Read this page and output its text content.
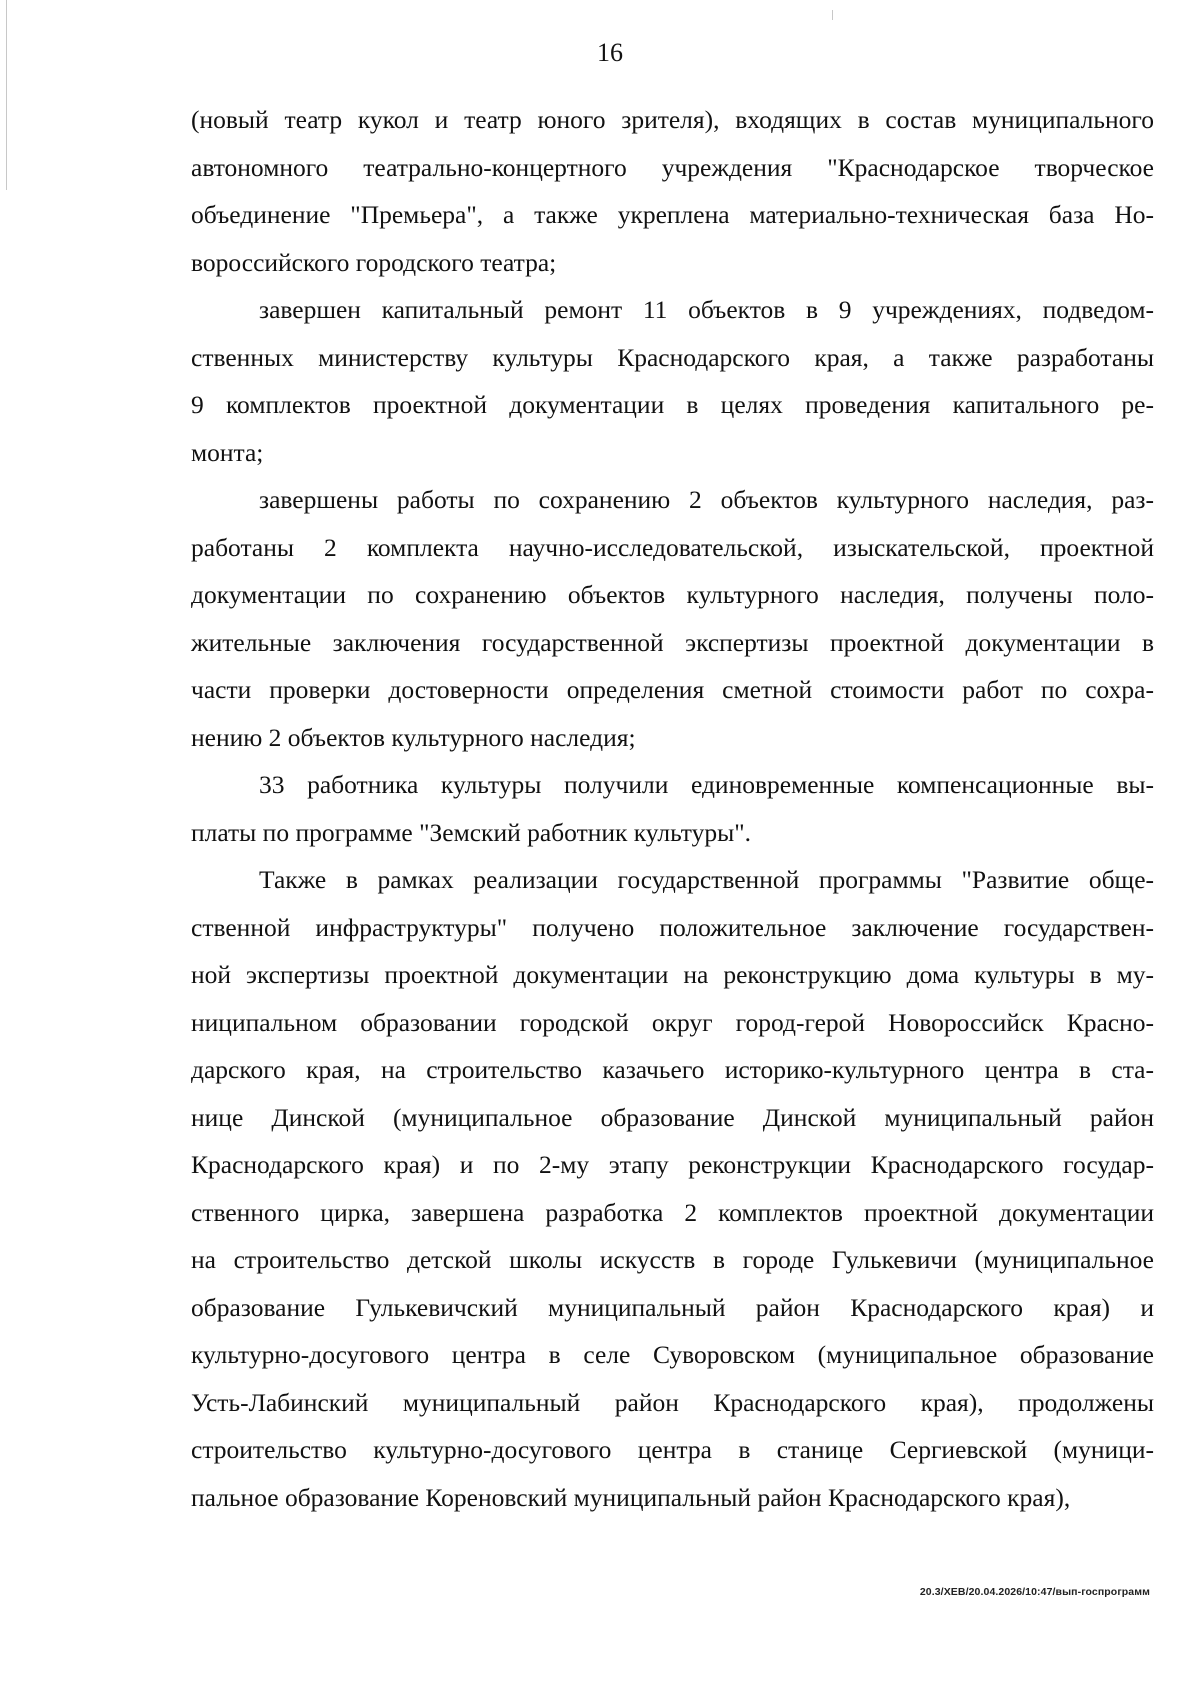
16
(новый театр кукол и театр юного зрителя), входящих в состав муниципального
автономного театрально-концертного учреждения "Краснодарское творческое
объединение "Премьера", а также укреплена материально-техническая база Но-
вороссийского городского театра;
завершен капитальный ремонт 11 объектов в 9 учреждениях, подведом-
ственных министерству культуры Краснодарского края, а также разработаны
9 комплектов проектной документации в целях проведения капитального ре-
монта;
завершены работы по сохранению 2 объектов культурного наследия, раз-
работаны 2 комплекта научно-исследовательской, изыскательской, проектной
документации по сохранению объектов культурного наследия, получены поло-
жительные заключения государственной экспертизы проектной документации в
части проверки достоверности определения сметной стоимости работ по сохра-
нению 2 объектов культурного наследия;
33 работника культуры получили единовременные компенсационные вы-
платы по программе "Земский работник культуры".
Также в рамках реализации государственной программы "Развитие обще-
ственной инфраструктуры" получено положительное заключение государствен-
ной экспертизы проектной документации на реконструкцию дома культуры в му-
ниципальном образовании городской округ город-герой Новороссийск Красно-
дарского края, на строительство казачьего историко-культурного центра в ста-
нице Динской (муниципальное образование Динской муниципальный район
Краснодарского края) и по 2-му этапу реконструкции Краснодарского государ-
ственного цирка, завершена разработка 2 комплектов проектной документации
на строительство детской школы искусств в городе Гулькевичи (муниципальное
образование Гулькевичский муниципальный район Краснодарского края) и
культурно-досугового центра в селе Суворовском (муниципальное образование
Усть-Лабинский муниципальный район Краснодарского края), продолжены
строительство культурно-досугового центра в станице Сергиевской (муници-
пальное образование Кореновский муниципальный район Краснодарского края),
20.3/ХЕВ/20.04.2026/10:47/вып-госпрограмм
